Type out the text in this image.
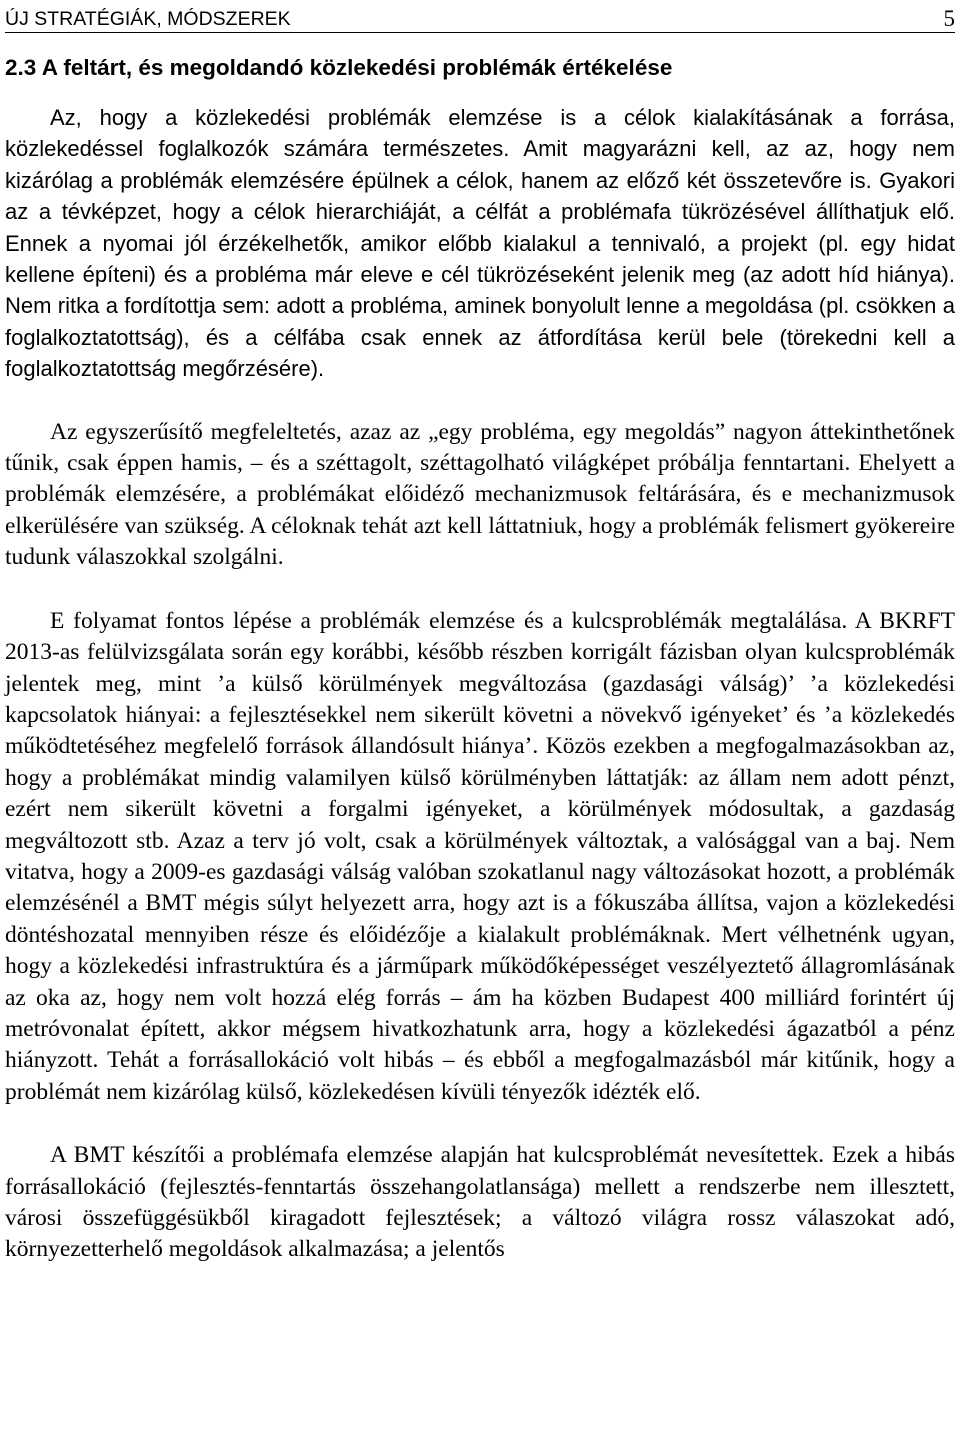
ÚJ STRATÉGIÁK, MÓDSZEREK	5
2.3 A feltárt, és megoldandó közlekedési problémák értékelése

Az, hogy a közlekedési problémák elemzése is a célok kialakításának a forrása, közlekedéssel foglalkozók számára természetes. Amit magyarázni kell, az az, hogy nem kizárólag a problémák elemzésére épülnek a célok, hanem az előző két összetevőre is. Gyakori az a tévképzet, hogy a célok hierarchiáját, a célfát a problémafa tükrözésével állíthatjuk elő. Ennek a nyomai jól érzékelhetők, amikor előbb kialakul a tennivaló, a projekt (pl. egy hidat kellene építeni) és a probléma már eleve e cél tükrözéseként jelenik meg (az adott híd hiánya). Nem ritka a fordítottja sem: adott a probléma, aminek bonyolult lenne a megoldása (pl. csökken a foglalkoztatottság), és a célfába csak ennek az átfordítása kerül bele (törekedni kell a foglalkoztatottság megőrzésére).

Az egyszerűsítő megfeleltetés, azaz az „egy probléma, egy megoldás” nagyon áttekinthetőnek tűnik, csak éppen hamis, – és a széttagolt, széttagolható világképet próbálja fenntartani. Ehelyett a problémák elemzésére, a problémákat előidéző mechanizmusok feltárására, és e mechanizmusok elkerülésére van szükség. A céloknak tehát azt kell láttatniuk, hogy a problémák felismert gyökereire tudunk válaszokkal szolgálni.

E folyamat fontos lépése a problémák elemzése és a kulcsproblémák megtalálása. A BKRFT 2013-as felülvizsgálata során egy korábbi, később részben korrigált fázisban olyan kulcsproblémák jelentek meg, mint ’a külső körülmények megváltozása (gazdasági válság)’ ’a közlekedési kapcsolatok hiányai: a fejlesztésekkel nem sikerült követni a növekvő igényeket’ és ’a közlekedés működtetéséhez megfelelő források állandósult hiánya’. Közös ezekben a megfogalmazásokban az, hogy a problémákat mindig valamilyen külső körülményben láttatják: az állam nem adott pénzt, ezért nem sikerült követni a forgalmi igényeket, a körülmények módosultak, a gazdaság megváltozott stb. Azaz a terv jó volt, csak a körülmények változtak, a valósággal van a baj. Nem vitatva, hogy a 2009-es gazdasági válság valóban szokatlanul nagy változásokat hozott, a problémák elemzésénél a BMT mégis súlyt helyezett arra, hogy azt is a fókuszába állítsa, vajon a közlekedési döntéshozatal mennyiben része és előidézője a kialakult problémáknak. Mert vélhetnénk ugyan, hogy a közlekedési infrastruktúra és a járműpark működőképességet veszélyeztető állagromlásának az oka az, hogy nem volt hozzá elég forrás – ám ha közben Budapest 400 milliárd forintért új metróvonalat épített, akkor mégsem hivatkozhatunk arra, hogy a közlekedési ágazatból a pénz hiányzott. Tehát a forrásallokáció volt hibás – és ebből a megfogalmazásból már kitűnik, hogy a problémát nem kizárólag külső, közlekedésen kívüli tényezők idézték elő.

A BMT készítői a problémafa elemzése alapján hat kulcsproblémát nevesítettek. Ezek a hibás forrásallokáció (fejlesztés-fenntartás összehangolatlansága) mellett a rendszerbe nem illesztett, városi összefüggésükből kiragadott fejlesztések; a változó világra rossz válaszokat adó, környezetterhelő megoldások alkalmazása; a jelentős
